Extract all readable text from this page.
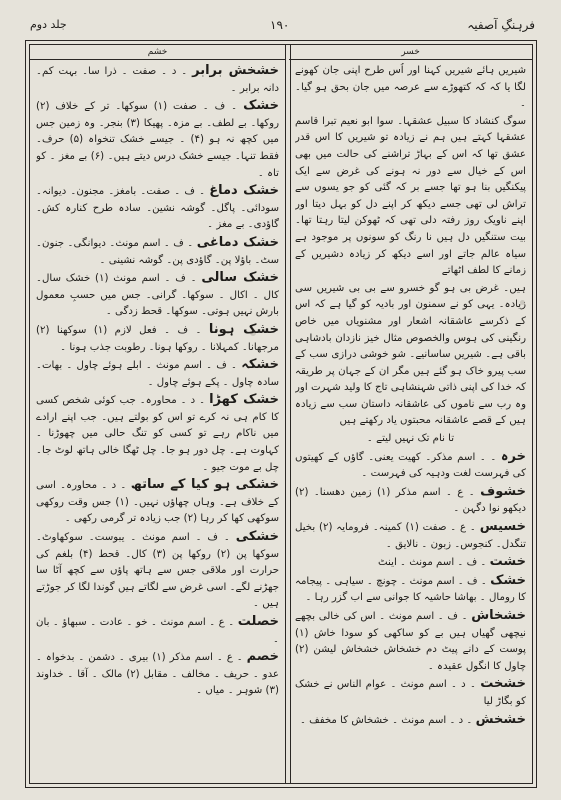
جلد دوم	۱۹۰	فرہنگِ آصفیہ
خشم	خسر
شیریں ہائے شیریں کہنا اور اُس طرح اپنی جان کھونے لگا یا کہ کہ کتھوڑے سے عرصہ میں جان بحق ہو گیا۔ ۔
سوگ کنشاد کا سبیل عشقہا۔ سوا ابو نعیم تبرا قاسم عشقہا کہتے ہیں ہم نے زیادہ تو شیریں کا اس قدر عشق تھا کہ اس کے بہاڑ تراشنے کی حالت میں بھی اس کے خیال سے دور نہ ہونے کی غرض سے ایک پیکنگیں بنا ہو تھا جسے بر کہ گئی کو جو یسوں سے تراش لی تھی جسے دیکھ کر اپنے دل کو بہل دیتا اور اپنے ناویک روز رفتہ دلی تھی کہ ٹھوکن لیتا رہتا تھا۔ بیت ستنگیں دل ہیں نا رنگ کو سونوں پر موجود ہے سیاہ عالم جاتے اور اسے دیکھ کر زیادہ دشیریں کے زمانے کا لطف اٹھاتے
ہیں۔ غرض بی ہو گو خسرو سے بی بی شیریں سی زیادہ۔ یہی کو نے سمنون اور بادیہ کو گیا ہے کہ اس کے ذکرسے عاشقانہ اشعار اور مشنویاں میں خاص رنگینی کی ہوس والخصوص مثال خیز نازدان بادشاہی باقی ہے۔ شیریں ساسانیے۔ شو خوشی درازی سب کے سب پیرو خاک ہو گئے ہیں مگر ان کے جہان پر طریقہ کہ خدا کی اپنی ذاتی شہنشاہی تاج کا ولید شہرت اور وہ رب سے ناموں کی عاشقانہ داستان سب سے زیادہ ہیں کے قصے عاشقانہ محبتوں یاد رکھتے ہیں
تا نام تک نہیں لیتے ۔
خرہ ۔ ۔ اسم مذکر۔ کھیت یعنی۔ گاؤں کے کھیتوں کی فہرست لغت ودہیہ کی فہرست ۔
خشوف ۔ ع ۔ اسم مذکر (۱) زمین دھسنا۔ (۲) دیکھو نوا دگہن ۔
خسیس ۔ ع ۔ صفت (۱) کمینہ۔ فرومایہ (۲) بخیل تنگدل۔ کنجوس۔ زبون ۔ نالایق ۔
خشت ۔ ف ۔ اسم مونث ۔ اینٹ
خشک ۔ ف ۔ اسم مونث ۔ چونچ ۔ سیاہی ۔ پیجامہ کا رومال ۔ بھاشا حاشیہ کا جوانی سے اب گزر رہا ۔
خشخاش ۔ ف ۔ اسم مونث ۔ اس کی خالی بچھے نیچھی گھیاں ہیں بے کو ساکھی کو سودا خاش (۱) پوست کے دانے پیٹ دم خشخاش خشخاش لیشن (۲) چاول کا انگول عقیدہ ۔
خشخت ۔ د ۔ اسم مونث ۔ عوام الناس نے خشک کو بگاڑ لیا
خشخش ۔ د ۔ اسم مونث ۔ خشخاش کا مخفف ۔
خشخش برابر ۔ د ۔ صفت ۔ ذرا سا۔ بہت کم۔ دانہ برابر ۔
خشک ۔ ف ۔ صفت (۱) سوکھا۔ تر کے خلاف (۲) روکھا۔ بے لطف۔ بے مزہ۔ پھیکا (۳) بنجر۔ وہ زمین جس میں کچھ نہ ہو (۴) ۔ جیسے خشک تنخواہ (۵) حرف۔ فقط تنہا۔ جیسے خشک درس دیتے ہیں۔ (۶) بے مغز ۔ کو تاہ ۔
خشک دماغ ۔ ف ۔ صفت۔ بامغز۔ مجنون۔ دیوانہ۔ سودائی۔ پاگل۔ گوشہ نشین۔ سادہ طرح کنارہ کش۔ گاؤدی۔ بے مغز ۔
خشک دماغی ۔ ف ۔ اسم مونث۔ دیوانگی۔ جنون۔ سٹ۔ باؤلا پن۔ گاؤدی پن۔ گوشہ نشینی ۔
خشک سالی ۔ ف ۔ اسم مونث (۱) خشک سال۔ کال ۔ اکال ۔ سوکھا۔ گرانی۔ جس میں حسبِ معمول بارش نہیں ہوتی۔ سوکھا۔ قحط زدگی ۔
خشک ہونا ۔ ف ۔ فعل لازم (۱) سوکھنا (۲) مرجھانا۔ کمہلانا ۔ روکھا ہونا۔ رطوبت جذب ہونا ۔
خشکہ ۔ ف ۔ اسم مونث ۔ ابلے ہوئے چاول ۔ بھات۔ سادہ چاول ۔ پکے ہوئے چاول ۔
خشک کھڑا ۔ د ۔ محاورہ۔ جب کوئی شخص کسی کا کام ہی نہ کرے تو اس کو بولتے ہیں۔ جب اپنے ارادے میں ناکام رہے تو کسی کو تنگ حالی میں چھوڑنا ۔ کہاوت ہے۔ چل دور ہو جا۔ چل ٹھگا خالی ہاتھ لوٹ جا۔ چل بے موت جیو ۔
خشکی ہو کیا کے ساتھ ۔ د ۔ محاورہ۔ اسی کے خلاف ہے۔ وہاں چھاؤں نہیں۔ (۱) جس وقت روکھی سوکھی کھا کر رہا (۲) جب زیادہ تر گرمی رکھی ۔
خشکی ۔ ف ۔ اسم مونث ۔ یبوست۔ سوکھاوٹ۔ سوکھا پن (۲) روکھا پن (۳) کال۔ قحط (۴) بلغم کی حرارت اور ملاقی جس سے ہاتھ پاؤں سے کچھ آٹا سا جھڑنے لگے۔ اسی غرض سے لگاتے ہیں گوندا لگا کر جوڑتے ہیں ۔
خصلت ۔ ع ۔ اسم مونث ۔ خو ۔ عادت ۔ سبھاؤ ۔ بان ۔
خصم ۔ ع ۔ اسم مذکر (۱) بیری ۔ دشمن ۔ بدخواہ ۔ عدو ۔ حریف ۔ مخالف ۔ مقابل (۲) مالک ۔ آقا ۔ خداوند (۳) شوہر ۔ میاں ۔
